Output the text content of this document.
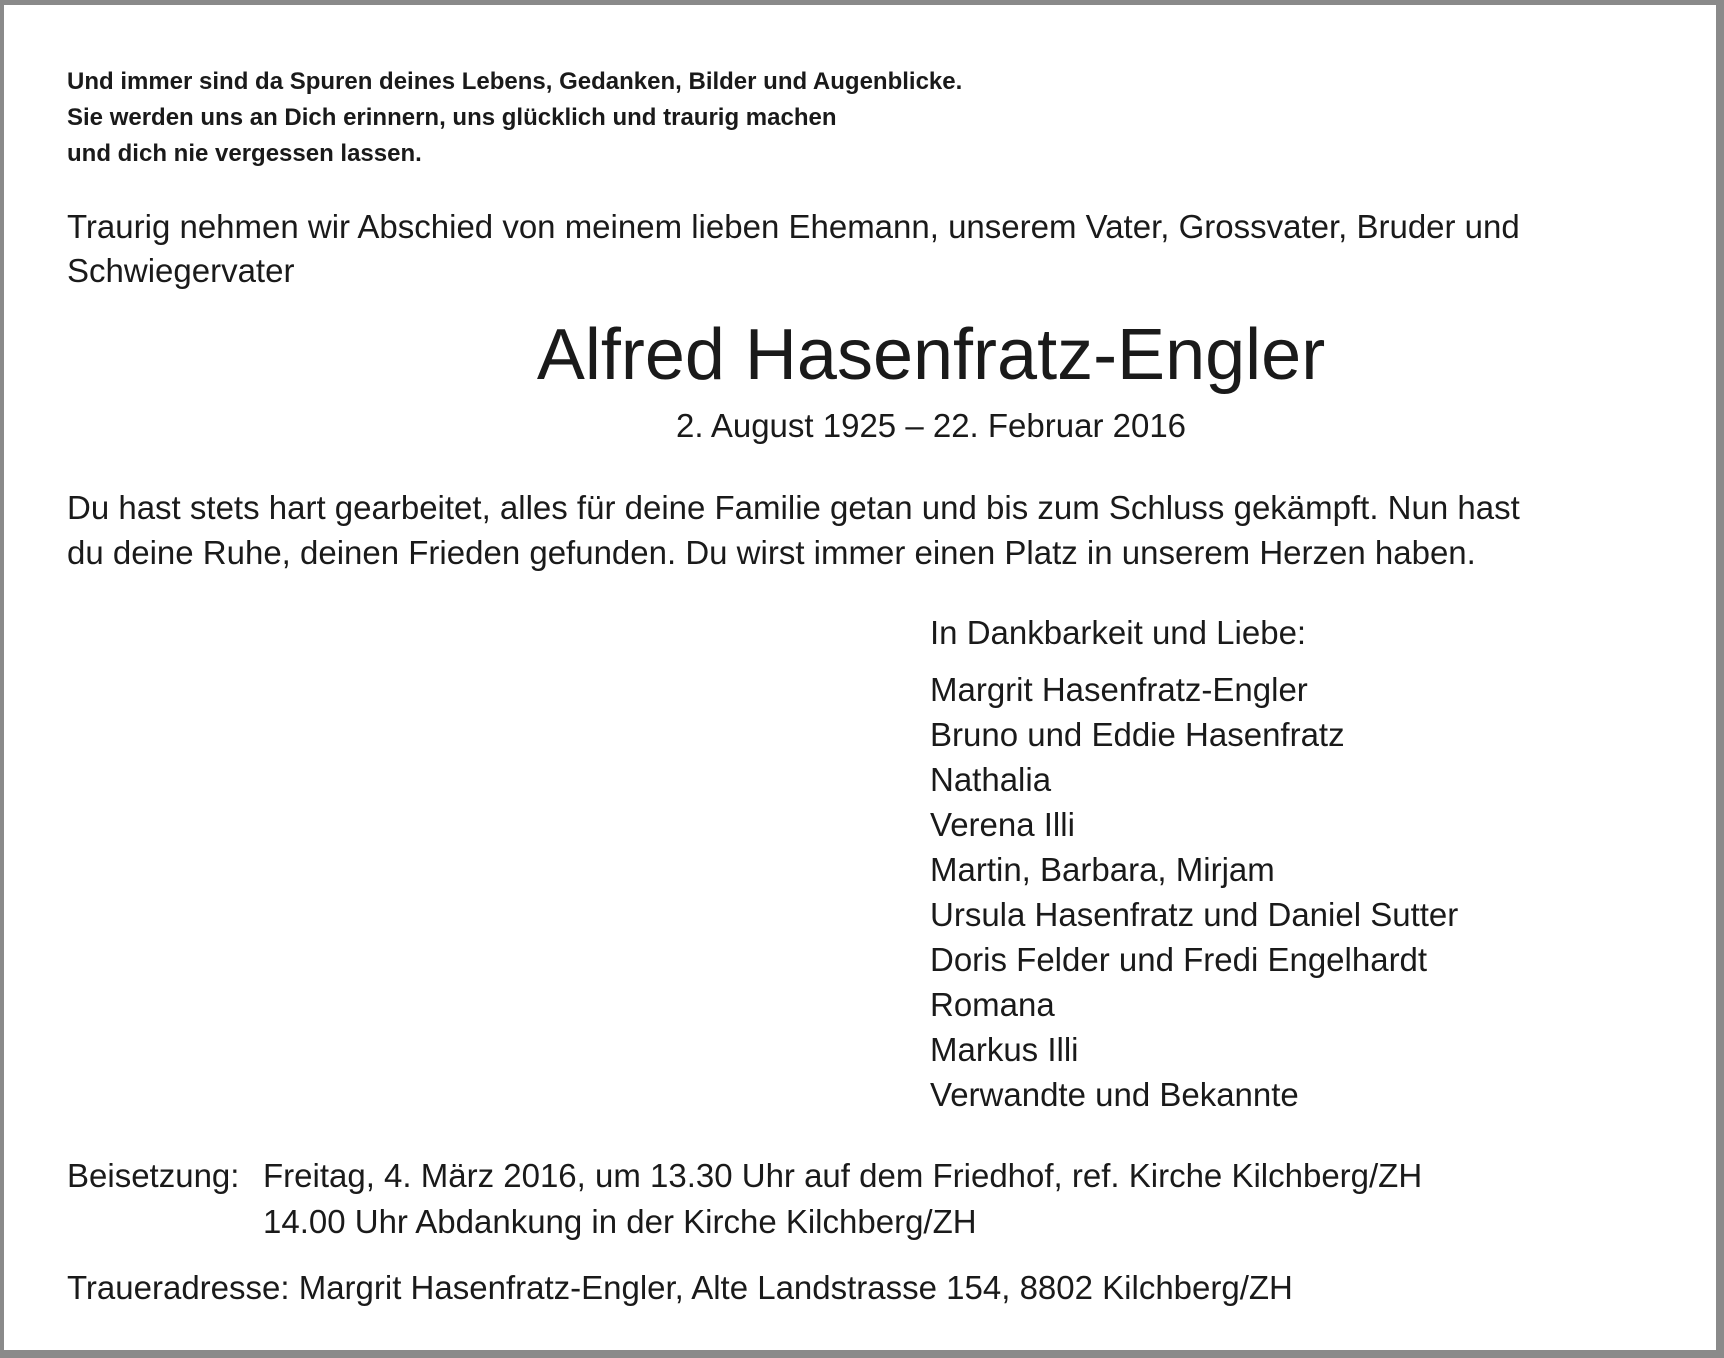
Und immer sind da Spuren deines Lebens, Gedanken, Bilder und Augenblicke.
Sie werden uns an Dich erinnern, uns glücklich und traurig machen
und dich nie vergessen lassen.
Traurig nehmen wir Abschied von meinem lieben Ehemann, unserem Vater, Grossvater, Bruder und
Schwiegervater
Alfred Hasenfratz-Engler
2. August 1925 – 22. Februar 2016
Du hast stets hart gearbeitet, alles für deine Familie getan und bis zum Schluss gekämpft. Nun hast
du deine Ruhe, deinen Frieden gefunden. Du wirst immer einen Platz in unserem Herzen haben.
In Dankbarkeit und Liebe:
Margrit Hasenfratz-Engler
Bruno und Eddie Hasenfratz
Nathalia
Verena Illi
Martin, Barbara, Mirjam
Ursula Hasenfratz und Daniel Sutter
Doris Felder und Fredi Engelhardt
Romana
Markus Illi
Verwandte und Bekannte
Beisetzung: Freitag, 4. März 2016, um 13.30 Uhr auf dem Friedhof, ref. Kirche Kilchberg/ZH
14.00 Uhr Abdankung in der Kirche Kilchberg/ZH
Traueradresse: Margrit Hasenfratz-Engler, Alte Landstrasse 154, 8802 Kilchberg/ZH
